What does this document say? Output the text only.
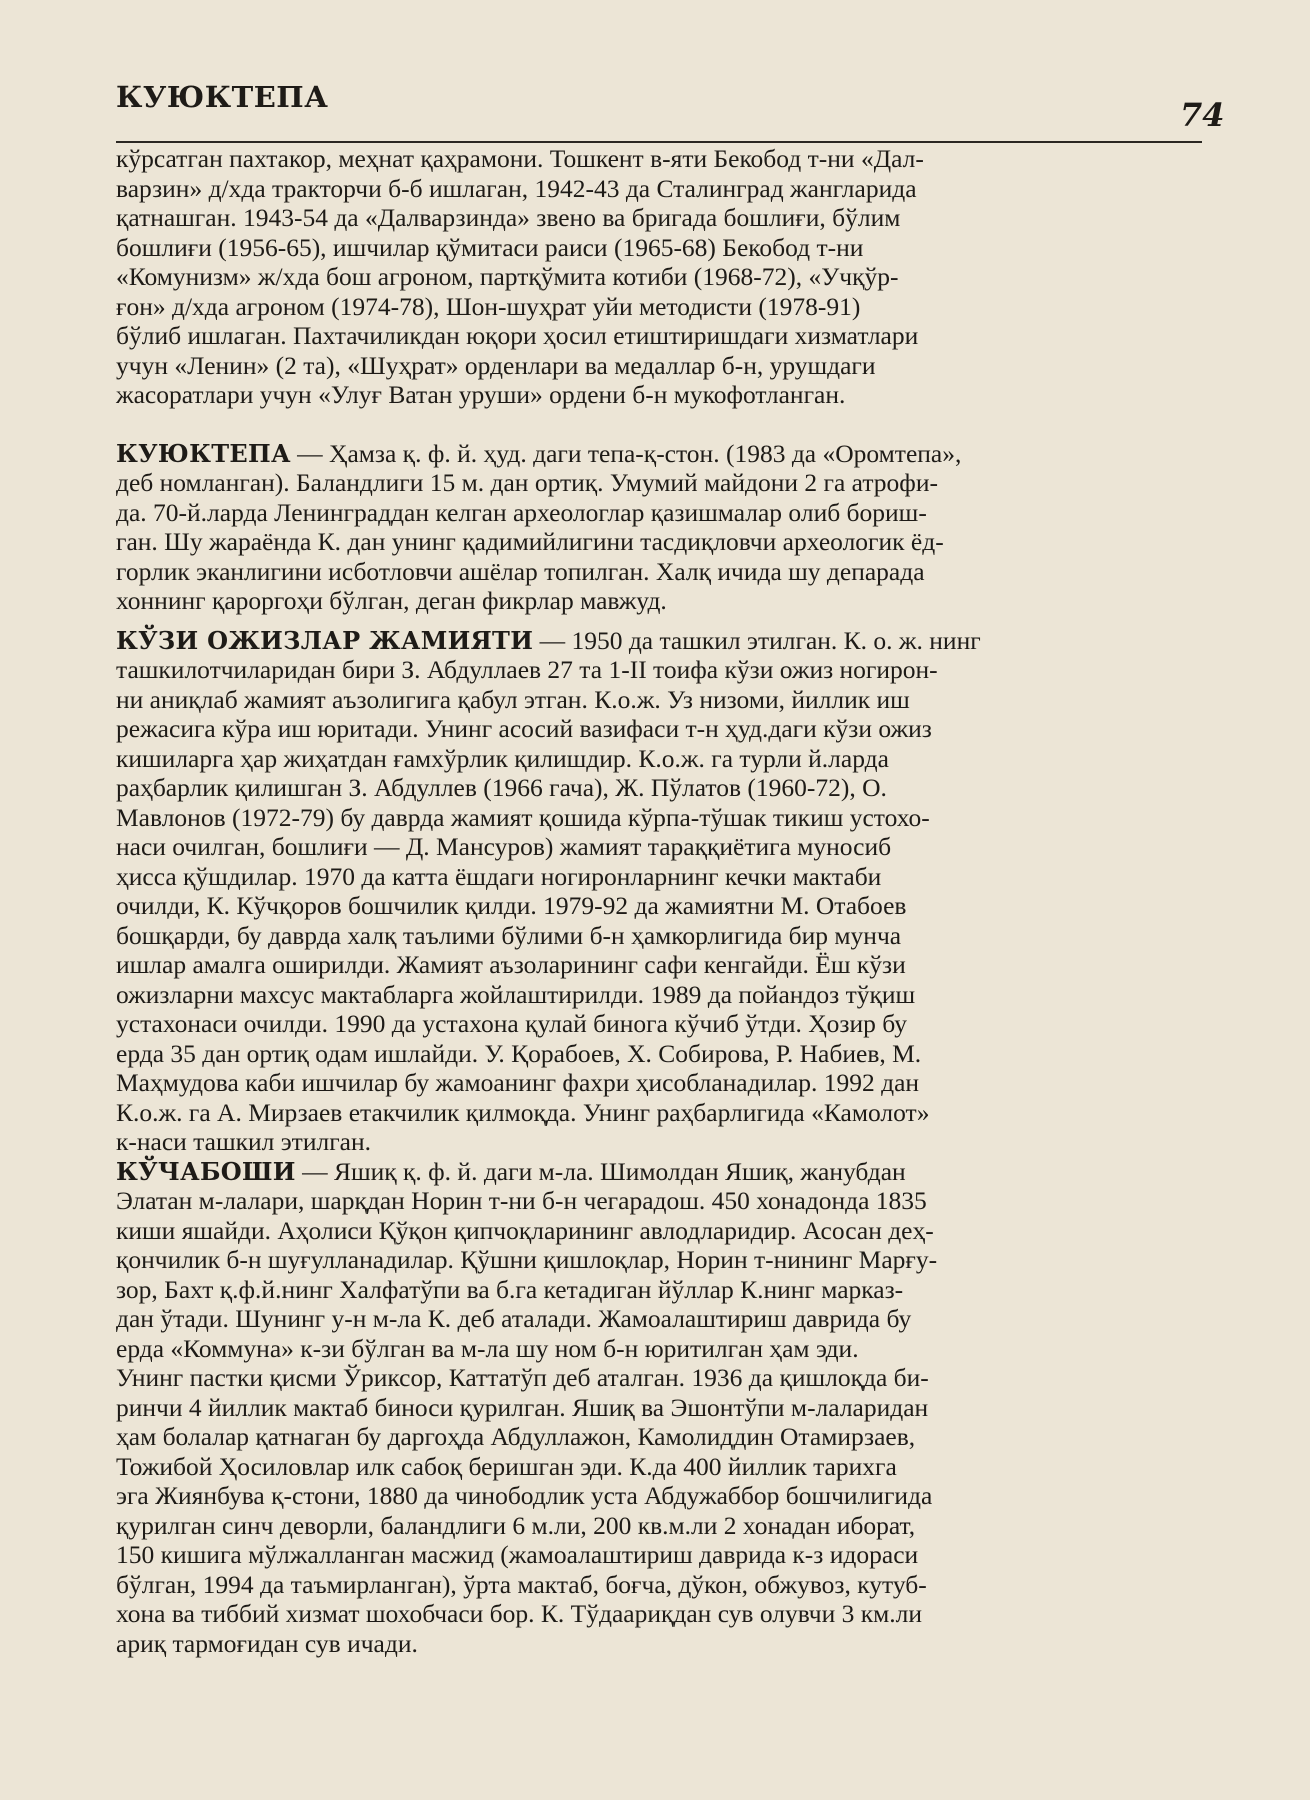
КУЮКТЕПА	74
кўрсатган пахтакор, меҳнат қаҳрамони. Тошкент в-яти Бекобод т-ни «Дал-
варзин» д/хда тракторчи б-б ишлаган, 1942-43 да Сталинград жангларида
қатнашган. 1943-54 да «Далварзинда» звено ва бригада бошлиғи, бўлим
бошлиғи (1956-65), ишчилар қўмитаси раиси (1965-68) Бекобод т-ни
«Комунизм» ж/хда бош агроном, партқўмита котиби (1968-72), «Учқўр-
ғон» д/хда агроном (1974-78), Шон-шуҳрат уйи методисти (1978-91)
бўлиб ишлаган. Пахтачиликдан юқори ҳосил етиштиришдаги хизматлари
учун «Ленин» (2 та), «Шуҳрат» орденлари ва медаллар б-н, урушдаги
жасоратлари учун «Улуғ Ватан уруши» ордени б-н мукофотланган.
КУЮКТЕПА — Ҳамза қ. ф. й. ҳуд. даги тепа-қ-стон. (1983 да «Оромтепа»,
деб номланган). Баландлиги 15 м. дан ортиқ. Умумий майдони 2 га атрофи-
да. 70-й.ларда Ленинграддан келган археологлар қазишмалар олиб бориш-
ган. Шу жараёнда К. дан унинг қадимийлигини тасдиқловчи археологик ёд-
горлик эканлигини исботловчи ашёлар топилган. Халқ ичида шу депарада
хоннинг қароргоҳи бўлган, деган фикрлар мавжуд.
КЎЗИ ОЖИЗЛАР ЖАМИЯТИ — 1950 да ташкил этилган. К. о. ж. нинг
ташкилотчиларидан бири З. Абдуллаев 27 та 1-II тоифа кўзи ожиз ногирон-
ни аниқлаб жамият аъзолигига қабул этган. К.о.ж. Уз низоми, йиллик иш
режасига кўра иш юритади. Унинг асосий вазифаси т-н ҳуд.даги кўзи ожиз
кишиларга ҳар жиҳатдан ғамхўрлик қилишдир. К.о.ж. га турли й.ларда
раҳбарлик қилишган З. Абдуллев (1966 гача), Ж. Пўлатов (1960-72), О.
Мавлонов (1972-79) бу даврда жамият қошида кўрпа-тўшак тикиш устохо-
наси очилган, бошлиғи — Д. Мансуров) жамият тараққиётига муносиб
ҳисса қўшдилар. 1970 да катта ёшдаги ногиронларнинг кечки мактаби
очилди, К. Кўчқоров бошчилик қилди. 1979-92 да жамиятни М. Отабоев
бошқарди, бу даврда халқ таълими бўлими б-н ҳамкорлигида бир мунча
ишлар амалга оширилди. Жамият аъзоларининг сафи кенгайди. Ёш кўзи
ожизларни махсус мактабларга жойлаштирилди. 1989 да пойандоз тўқиш
устахонаси очилди. 1990 да устахона қулай бинога кўчиб ўтди. Ҳозир бу
ерда 35 дан ортиқ одам ишлайди. У. Қорабоев, Х. Собирова, Р. Набиев, М.
Маҳмудова каби ишчилар бу жамоанинг фахри ҳисобланадилар. 1992 дан
К.о.ж. га А. Мирзаев етакчилик қилмоқда. Унинг раҳбарлигида «Камолот»
к-наси ташкил этилган.
КЎЧАБОШИ — Яшиқ қ. ф. й. даги м-ла. Шимолдан Яшиқ, жанубдан
Элатан м-лалари, шарқдан Норин т-ни б-н чегарадош. 450 хонадонда 1835
киши яшайди. Аҳолиси Қўқон қипчоқларининг авлодларидир. Асосан деҳ-
қончилик б-н шуғулланадилар. Қўшни қишлоқлар, Норин т-нининг Марғу-
зор, Бахт қ.ф.й.нинг Халфатўпи ва б.га кетадиган йўллар К.нинг марказ-
дан ўтади. Шунинг у-н м-ла К. деб аталади. Жамоалаштириш даврида бу
ерда «Коммуна» к-зи бўлган ва м-ла шу ном б-н юритилган ҳам эди.
Унинг пастки қисми Ўриксор, Каттатўп деб аталган. 1936 да қишлоқда би-
ринчи 4 йиллик мактаб биноси қурилган. Яшиқ ва Эшонтўпи м-лаларидан
ҳам болалар қатнаган бу даргоҳда Абдуллажон, Камолиддин Отамирзаев,
Тожибой Ҳосиловлар илк сабоқ беришган эди. К.да 400 йиллик тарихга
эга Жиянбува қ-стони, 1880 да чинободлик уста Абдужаббор бошчилигида
қурилган синч деворли, баландлиги 6 м.ли, 200 кв.м.ли 2 хонадан иборат,
150 кишига мўлжалланган масжид (жамоалаштириш даврида к-з идораси
бўлган, 1994 да таъмирланган), ўрта мактаб, боғча, дўкон, обжувоз, кутуб-
хона ва тиббий хизмат шохобчаси бор. К. Тўдаариқдан сув олувчи 3 км.ли
ариқ тармоғидан сув ичади.
